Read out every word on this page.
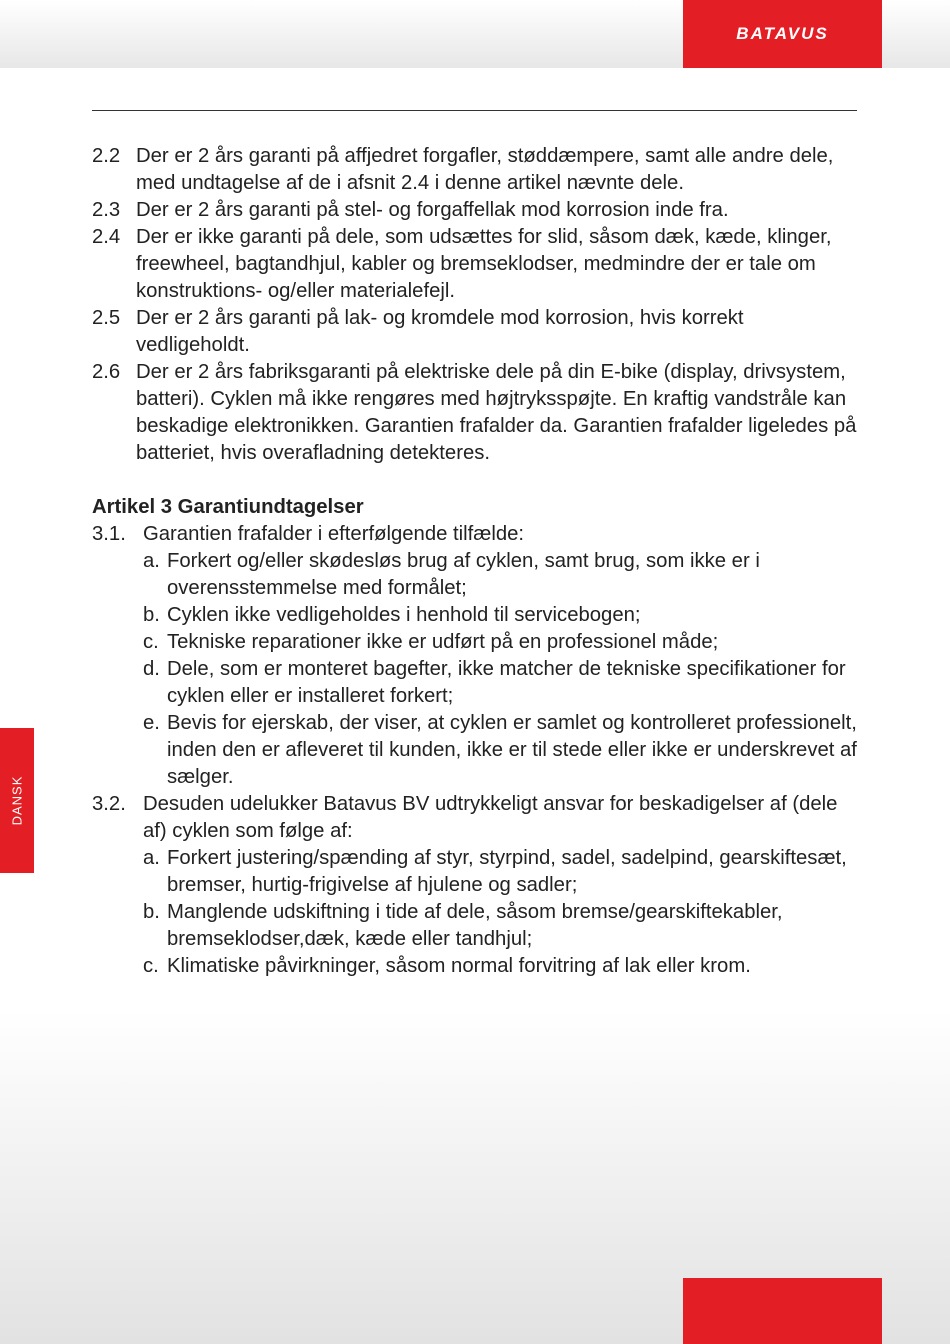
BATAVUS
DANSK
2.2 Der er 2 års garanti på affjedret forgafler, støddæmpere, samt alle andre dele, med undtagelse af de i afsnit 2.4 i denne artikel nævnte dele.
2.3 Der er 2 års garanti på stel- og forgaffellak mod korrosion inde fra.
2.4 Der er ikke garanti på dele, som udsættes for slid, såsom dæk, kæde, klinger, freewheel, bagtandhjul, kabler og bremseklodser, medmindre der er tale om konstruktions- og/eller materialefejl.
2.5 Der er 2 års garanti på lak- og kromdele mod korrosion, hvis korrekt vedligeholdt.
2.6 Der er 2 års fabriksgaranti på elektriske dele på din E-bike (display, drivsystem, batteri). Cyklen må ikke rengøres med højtryksspøjte. En kraftig vandstråle kan beskadige elektronikken. Garantien frafalder da. Garantien frafalder ligeledes på batteriet, hvis overafladning detekteres.
Artikel 3 Garantiundtagelser
3.1. Garantien frafalder i efterfølgende tilfælde:
a. Forkert og/eller skødesløs brug af cyklen, samt brug, som ikke er i overensstemmelse med formålet;
b. Cyklen ikke vedligeholdes i henhold til servicebogen;
c. Tekniske reparationer ikke er udført på en professionel måde;
d. Dele, som er monteret bagefter, ikke matcher de tekniske specifikationer for cyklen eller er installeret forkert;
e. Bevis for ejerskab, der viser, at cyklen er samlet og kontrolleret professionelt, inden den er afleveret til kunden, ikke er til stede eller ikke er underskrevet af sælger.
3.2. Desuden udelukker Batavus BV udtrykkeligt ansvar for beskadigelser af (dele af) cyklen som følge af:
a. Forkert justering/spænding af styr, styrpind, sadel, sadelpind, gearskiftesæt, bremser, hurtig-frigivelse af hjulene og sadler;
b. Manglende udskiftning i tide af dele, såsom bremse/gearskiftekabler, bremseklodser,dæk, kæde eller tandhjul;
c. Klimatiske påvirkninger, såsom normal forvitring af lak eller krom.
